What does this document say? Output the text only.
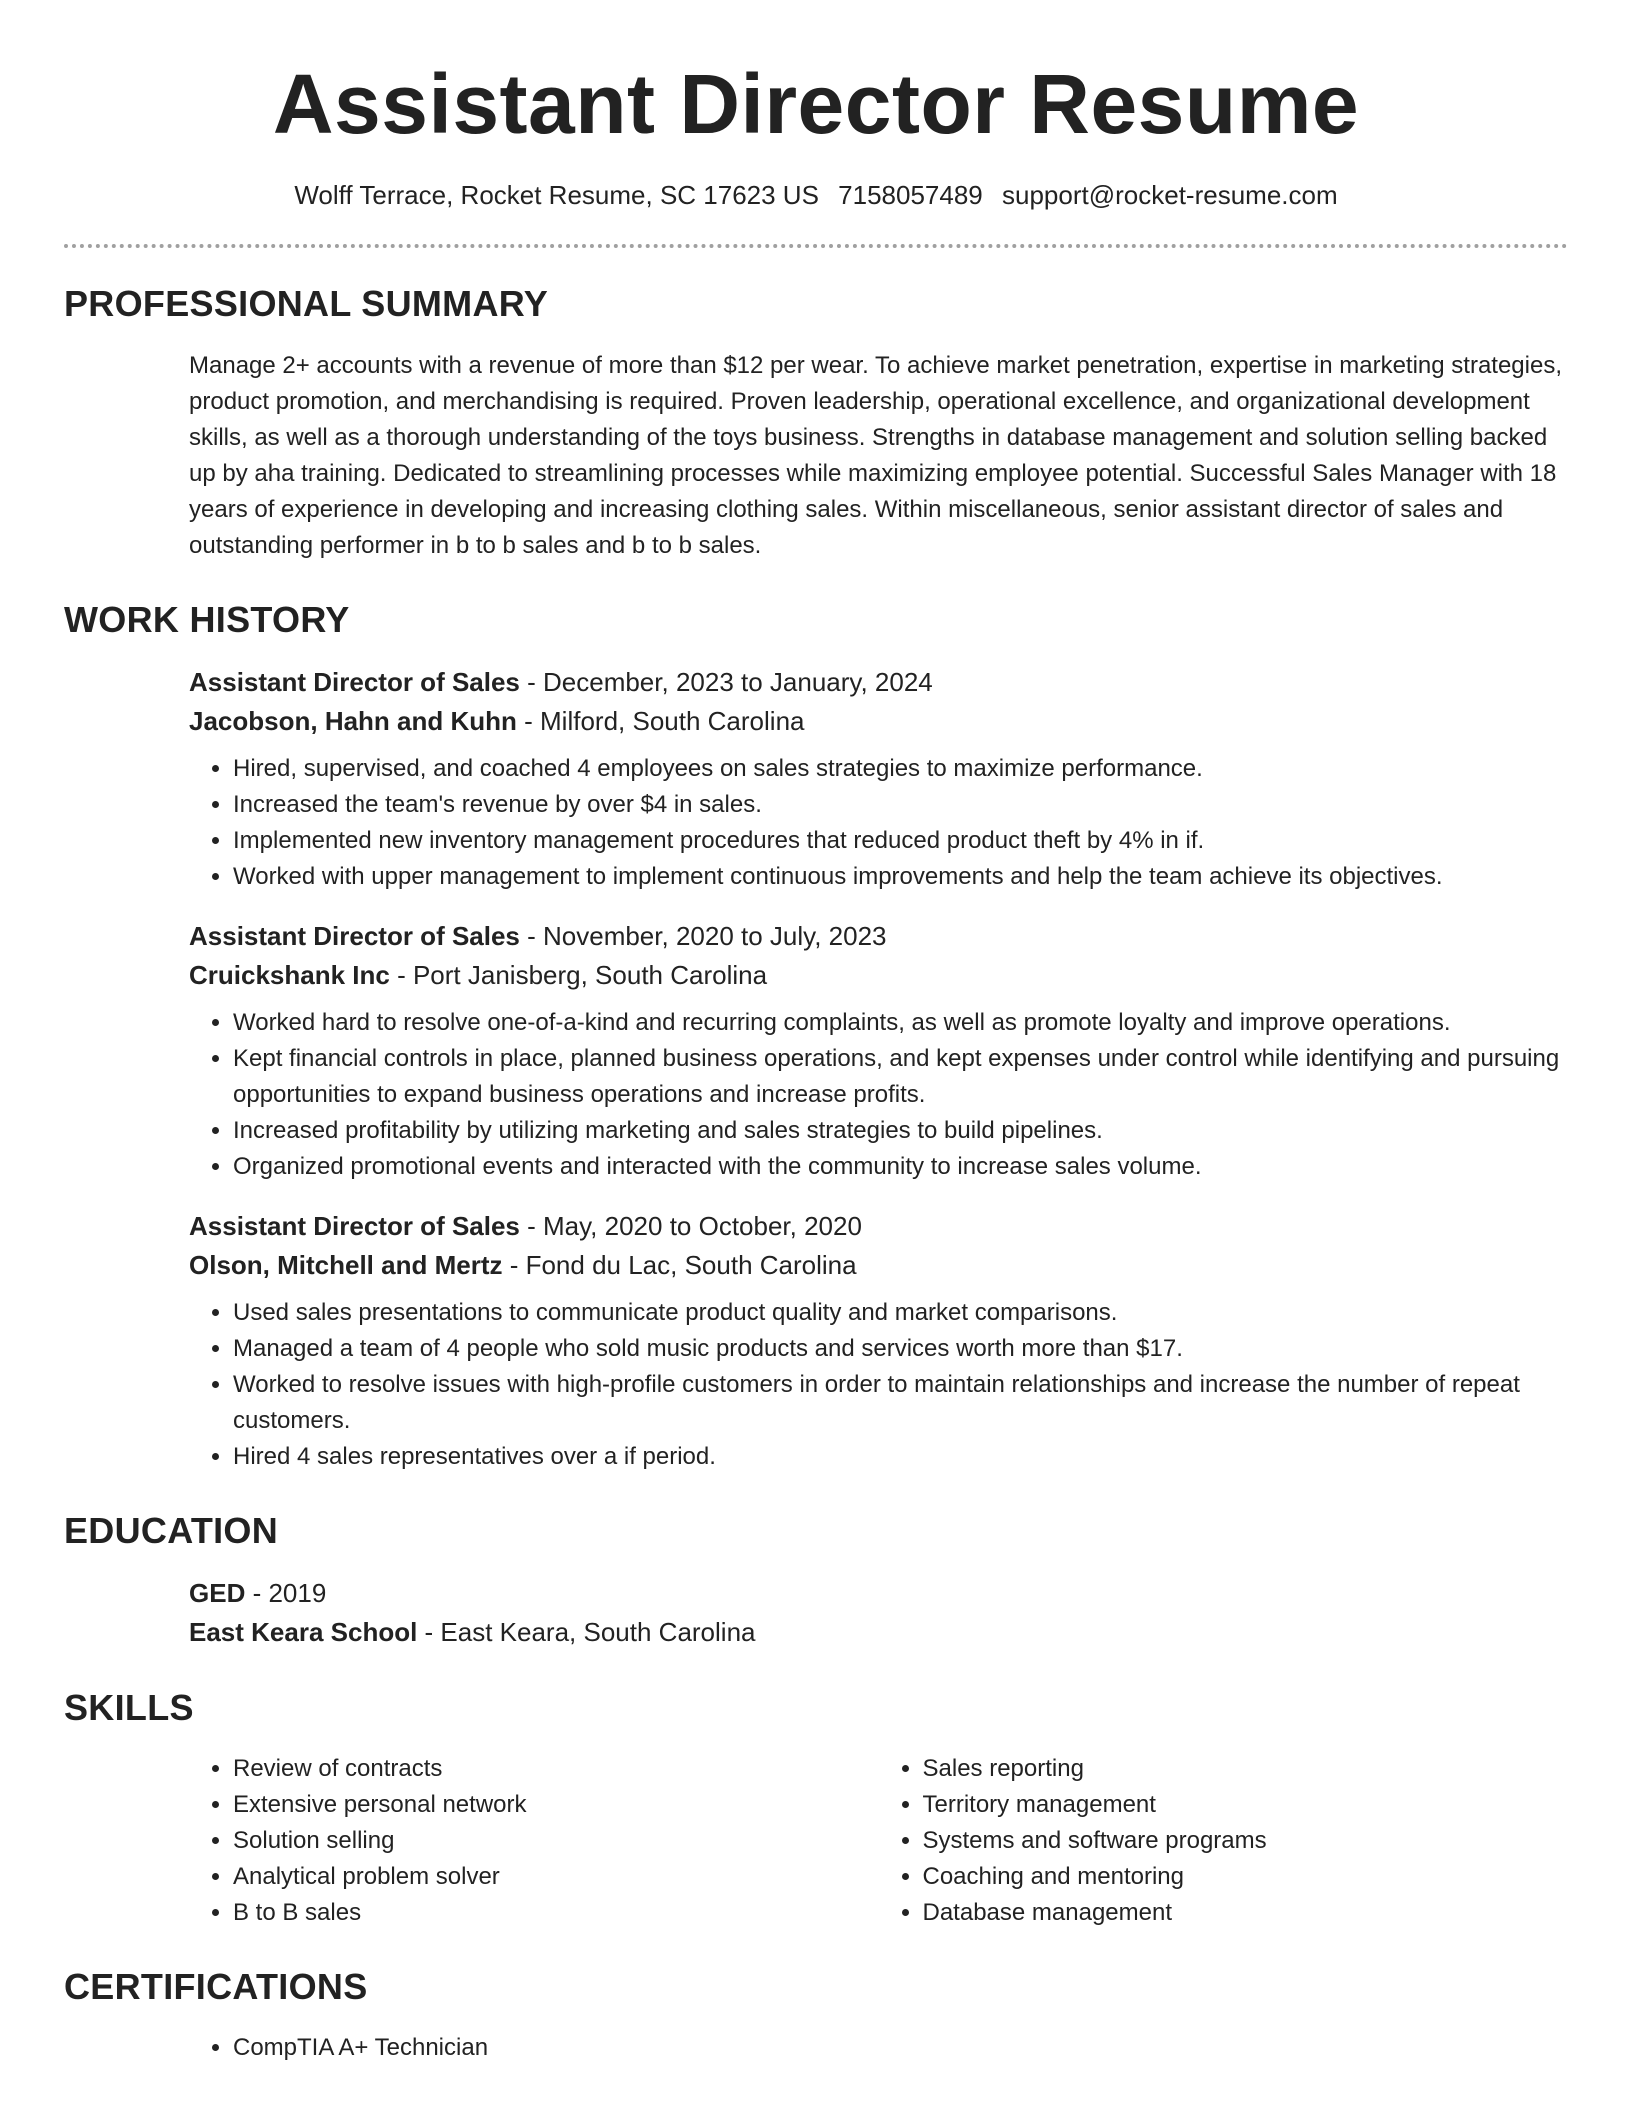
Assistant Director Resume
Wolff Terrace, Rocket Resume, SC 17623 US 7158057489 support@rocket-resume.com
PROFESSIONAL SUMMARY

Manage 2+ accounts with a revenue of more than $12 per wear. To achieve market penetration, expertise in marketing strategies, product promotion, and merchandising is required. Proven leadership, operational excellence, and organizational development skills, as well as a thorough understanding of the toys business. Strengths in database management and solution selling backed up by aha training. Dedicated to streamlining processes while maximizing employee potential. Successful Sales Manager with 18 years of experience in developing and increasing clothing sales. Within miscellaneous, senior assistant director of sales and outstanding performer in b to b sales and b to b sales.

WORK HISTORY
Assistant Director of Sales - December, 2023 to January, 2024
Jacobson, Hahn and Kuhn - Milford, South Carolina
• Hired, supervised, and coached 4 employees on sales strategies to maximize performance.
• Increased the team's revenue by over $4 in sales.
• Implemented new inventory management procedures that reduced product theft by 4% in if.
• Worked with upper management to implement continuous improvements and help the team achieve its objectives.
Assistant Director of Sales - November, 2020 to July, 2023
Cruickshank Inc - Port Janisberg, South Carolina
• Worked hard to resolve one-of-a-kind and recurring complaints, as well as promote loyalty and improve operations.
• Kept financial controls in place, planned business operations, and kept expenses under control while identifying and pursuing opportunities to expand business operations and increase profits.
• Increased profitability by utilizing marketing and sales strategies to build pipelines.
• Organized promotional events and interacted with the community to increase sales volume.
Assistant Director of Sales - May, 2020 to October, 2020
Olson, Mitchell and Mertz - Fond du Lac, South Carolina
• Used sales presentations to communicate product quality and market comparisons.
• Managed a team of 4 people who sold music products and services worth more than $17.
• Worked to resolve issues with high-profile customers in order to maintain relationships and increase the number of repeat customers.
• Hired 4 sales representatives over a if period.
EDUCATION
GED - 2019
East Keara School - East Keara, South Carolina
SKILLS
• Review of contracts
• Extensive personal network
• Solution selling
• Analytical problem solver
• B to B sales
• Sales reporting
• Territory management
• Systems and software programs
• Coaching and mentoring
• Database management
CERTIFICATIONS
• CompTIA A+ Technician
